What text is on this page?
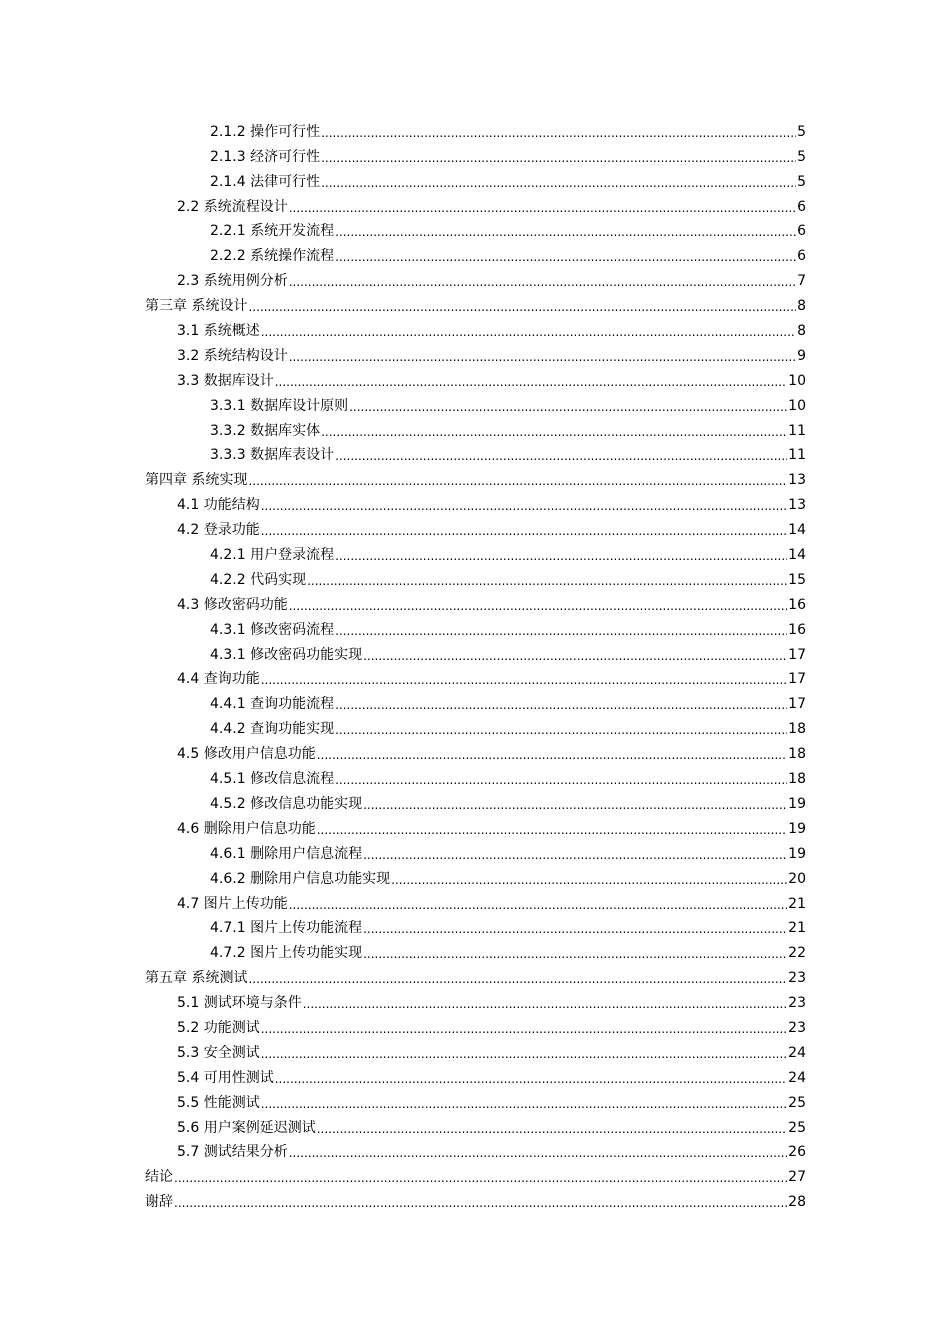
2.1.2 操作可行性 .....	5
2.1.3 经济可行性 .....	5
2.1.4 法律可行性 .....	5
2.2 系统流程设计 .....	6
2.2.1 系统开发流程 .....	6
2.2.2 系统操作流程 .....	6
2.3 系统用例分析 .....	7
第三章 系统设计 .....	8
3.1 系统概述 .....	8
3.2 系统结构设计 .....	9
3.3 数据库设计 .....	10
3.3.1 数据库设计原则 .....	10
3.3.2 数据库实体 .....	11
3.3.3 数据库表设计 .....	11
第四章 系统实现 .....	13
4.1 功能结构 .....	13
4.2 登录功能 .....	14
4.2.1 用户登录流程 .....	14
4.2.2 代码实现 .....	15
4.3 修改密码功能 .....	16
4.3.1 修改密码流程 .....	16
4.3.1 修改密码功能实现 .....	17
4.4 查询功能 .....	17
4.4.1 查询功能流程 .....	17
4.4.2 查询功能实现 .....	18
4.5 修改用户信息功能 .....	18
4.5.1 修改信息流程 .....	18
4.5.2 修改信息功能实现 .....	19
4.6 删除用户信息功能 .....	19
4.6.1 删除用户信息流程 .....	19
4.6.2 删除用户信息功能实现 .....	20
4.7 图片上传功能 .....	21
4.7.1 图片上传功能流程 .....	21
4.7.2 图片上传功能实现 .....	22
第五章 系统测试 .....	23
5.1 测试环境与条件 .....	23
5.2 功能测试 .....	23
5.3 安全测试 .....	24
5.4 可用性测试 .....	24
5.5 性能测试 .....	25
5.6 用户案例延迟测试 .....	25
5.7 测试结果分析 .....	26
结论 .....	27
谢辞 .....	28
